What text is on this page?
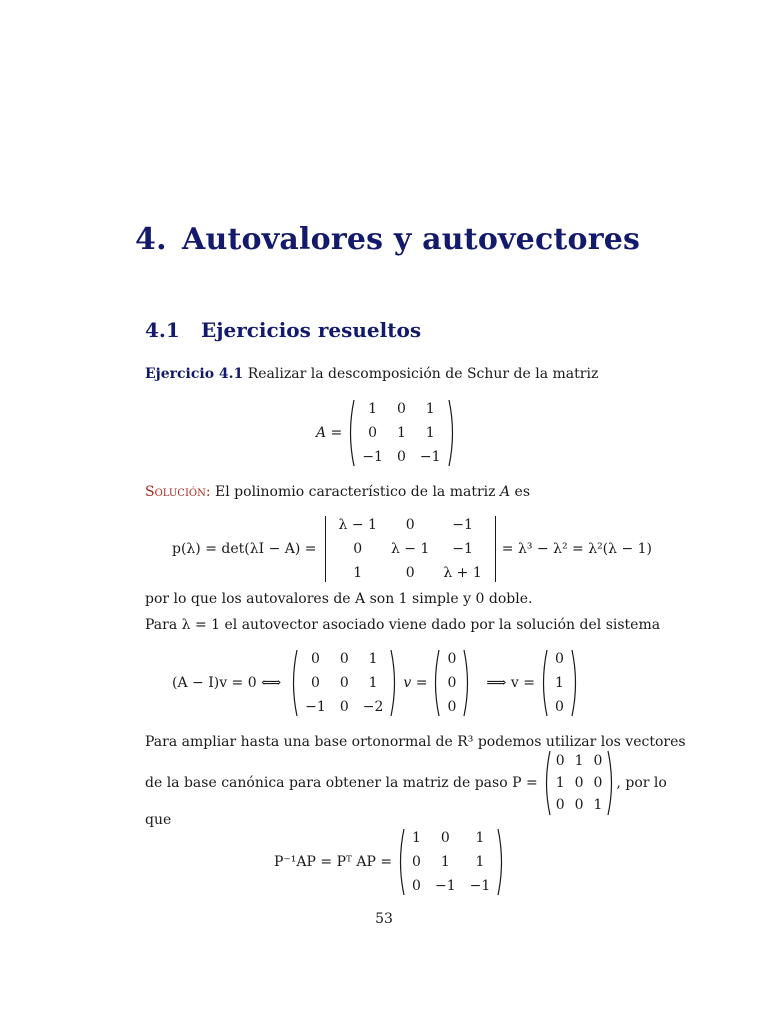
4. Autovalores y autovectores
4.1 Ejercicios resueltos
Ejercicio 4.1 Realizar la descomposición de Schur de la matriz
A =
1	0	1
0	1	1
−1	0	−1
Solución: El polinomio característico de la matriz A es
p(λ) = det(λI − A) =
λ − 1	0	−1
0	λ − 1	−1
1	0	λ + 1
= λ³ − λ² = λ²(λ − 1)
por lo que los autovalores de A son 1 simple y 0 doble.
Para λ = 1 el autovector asociado viene dado por la solución del sistema
(A − I)v = 0 ⟺
0	0	1
0	0	1
−1	0	−2
v =
0
0
0
⟹ v =
0
1
0
Para ampliar hasta una base ortonormal de R³ podemos utilizar los vectores
de la base canónica para obtener la matriz de paso P =
0	1	0
1	0	0
0	0	1
, por lo
que
P⁻¹AP = Pᵀ AP =
1	0	1
0	1	1
0	−1	−1
53
